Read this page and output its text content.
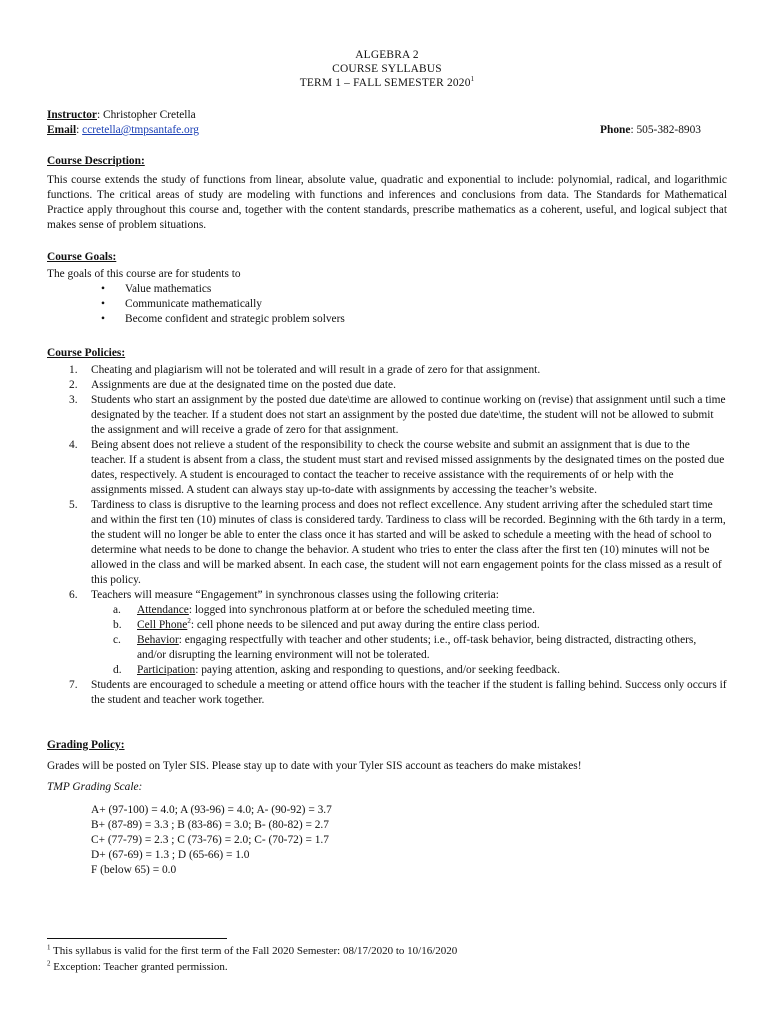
ALGEBRA 2
COURSE SYLLABUS
TERM 1 – FALL SEMESTER 2020$^1$
Instructor: Christopher Cretella
Email: ccretella@tmpsantafe.org	Phone: 505-382-8903
Course Description:

This course extends the study of functions from linear, absolute value, quadratic and exponential to include: polynomial, radical, and logarithmic functions. The critical areas of study are modeling with functions and inferences and conclusions from data. The Standards for Mathematical Practice apply throughout this course and, together with the content standards, prescribe mathematics as a coherent, useful, and logical subject that makes sense of problem situations.

Course Goals:
The goals of this course are for students to
• Value mathematics
• Communicate mathematically
• Become confident and strategic problem solvers
Course Policies:
1. Cheating and plagiarism will not be tolerated and will result in a grade of zero for that assignment.
2. Assignments are due at the designated time on the posted due date.
3. Students who start an assignment by the posted due date\time are allowed to continue working on (revise) that assignment until such a time designated by the teacher. If a student does not start an assignment by the posted due date\time, the student will not be allowed to submit the assignment and will receive a grade of zero for that assignment.
4. Being absent does not relieve a student of the responsibility to check the course website and submit an assignment that is due to the teacher. If a student is absent from a class, the student must start and revised missed assignments by the designated times on the posted due dates, respectively. A student is encouraged to contact the teacher to receive assistance with the requirements of or help with the assignments missed. A student can always stay up-to-date with assignments by accessing the teacher’s website.
5. Tardiness to class is disruptive to the learning process and does not reflect excellence. Any student arriving after the scheduled start time and within the first ten (10) minutes of class is considered tardy. Tardiness to class will be recorded. Beginning with the 6th tardy in a term, the student will no longer be able to enter the class once it has started and will be asked to schedule a meeting with the head of school to determine what needs to be done to change the behavior. A student who tries to enter the class after the first ten (10) minutes will not be allowed in the class and will be marked absent. In each case, the student will not earn engagement points for the class missed as a result of this policy.
6. Teachers will measure “Engagement” in synchronous classes using the following criteria:
a. Attendance: logged into synchronous platform at or before the scheduled meeting time.
b. Cell Phone$^2$: cell phone needs to be silenced and put away during the entire class period.
c. Behavior: engaging respectfully with teacher and other students; i.e., off-task behavior, being distracted, distracting others, and/or disrupting the learning environment will not be tolerated.
d. Participation: paying attention, asking and responding to questions, and/or seeking feedback.
7. Students are encouraged to schedule a meeting or attend office hours with the teacher if the student is falling behind. Success only occurs if the student and teacher work together.
Grading Policy:
Grades will be posted on Tyler SIS. Please stay up to date with your Tyler SIS account as teachers do make mistakes!
TMP Grading Scale:
A+ (97-100) = 4.0; A (93-96) = 4.0; A- (90-92) = 3.7
B+ (87-89) = 3.3 ; B (83-86) = 3.0; B- (80-82) = 2.7
C+ (77-79) = 2.3 ; C (73-76) = 2.0; C- (70-72) = 1.7
D+ (67-69) = 1.3 ; D (65-66) = 1.0
F (below 65) = 0.0
$^1$ This syllabus is valid for the first term of the Fall 2020 Semester: 08/17/2020 to 10/16/2020
$^2$ Exception: Teacher granted permission.
